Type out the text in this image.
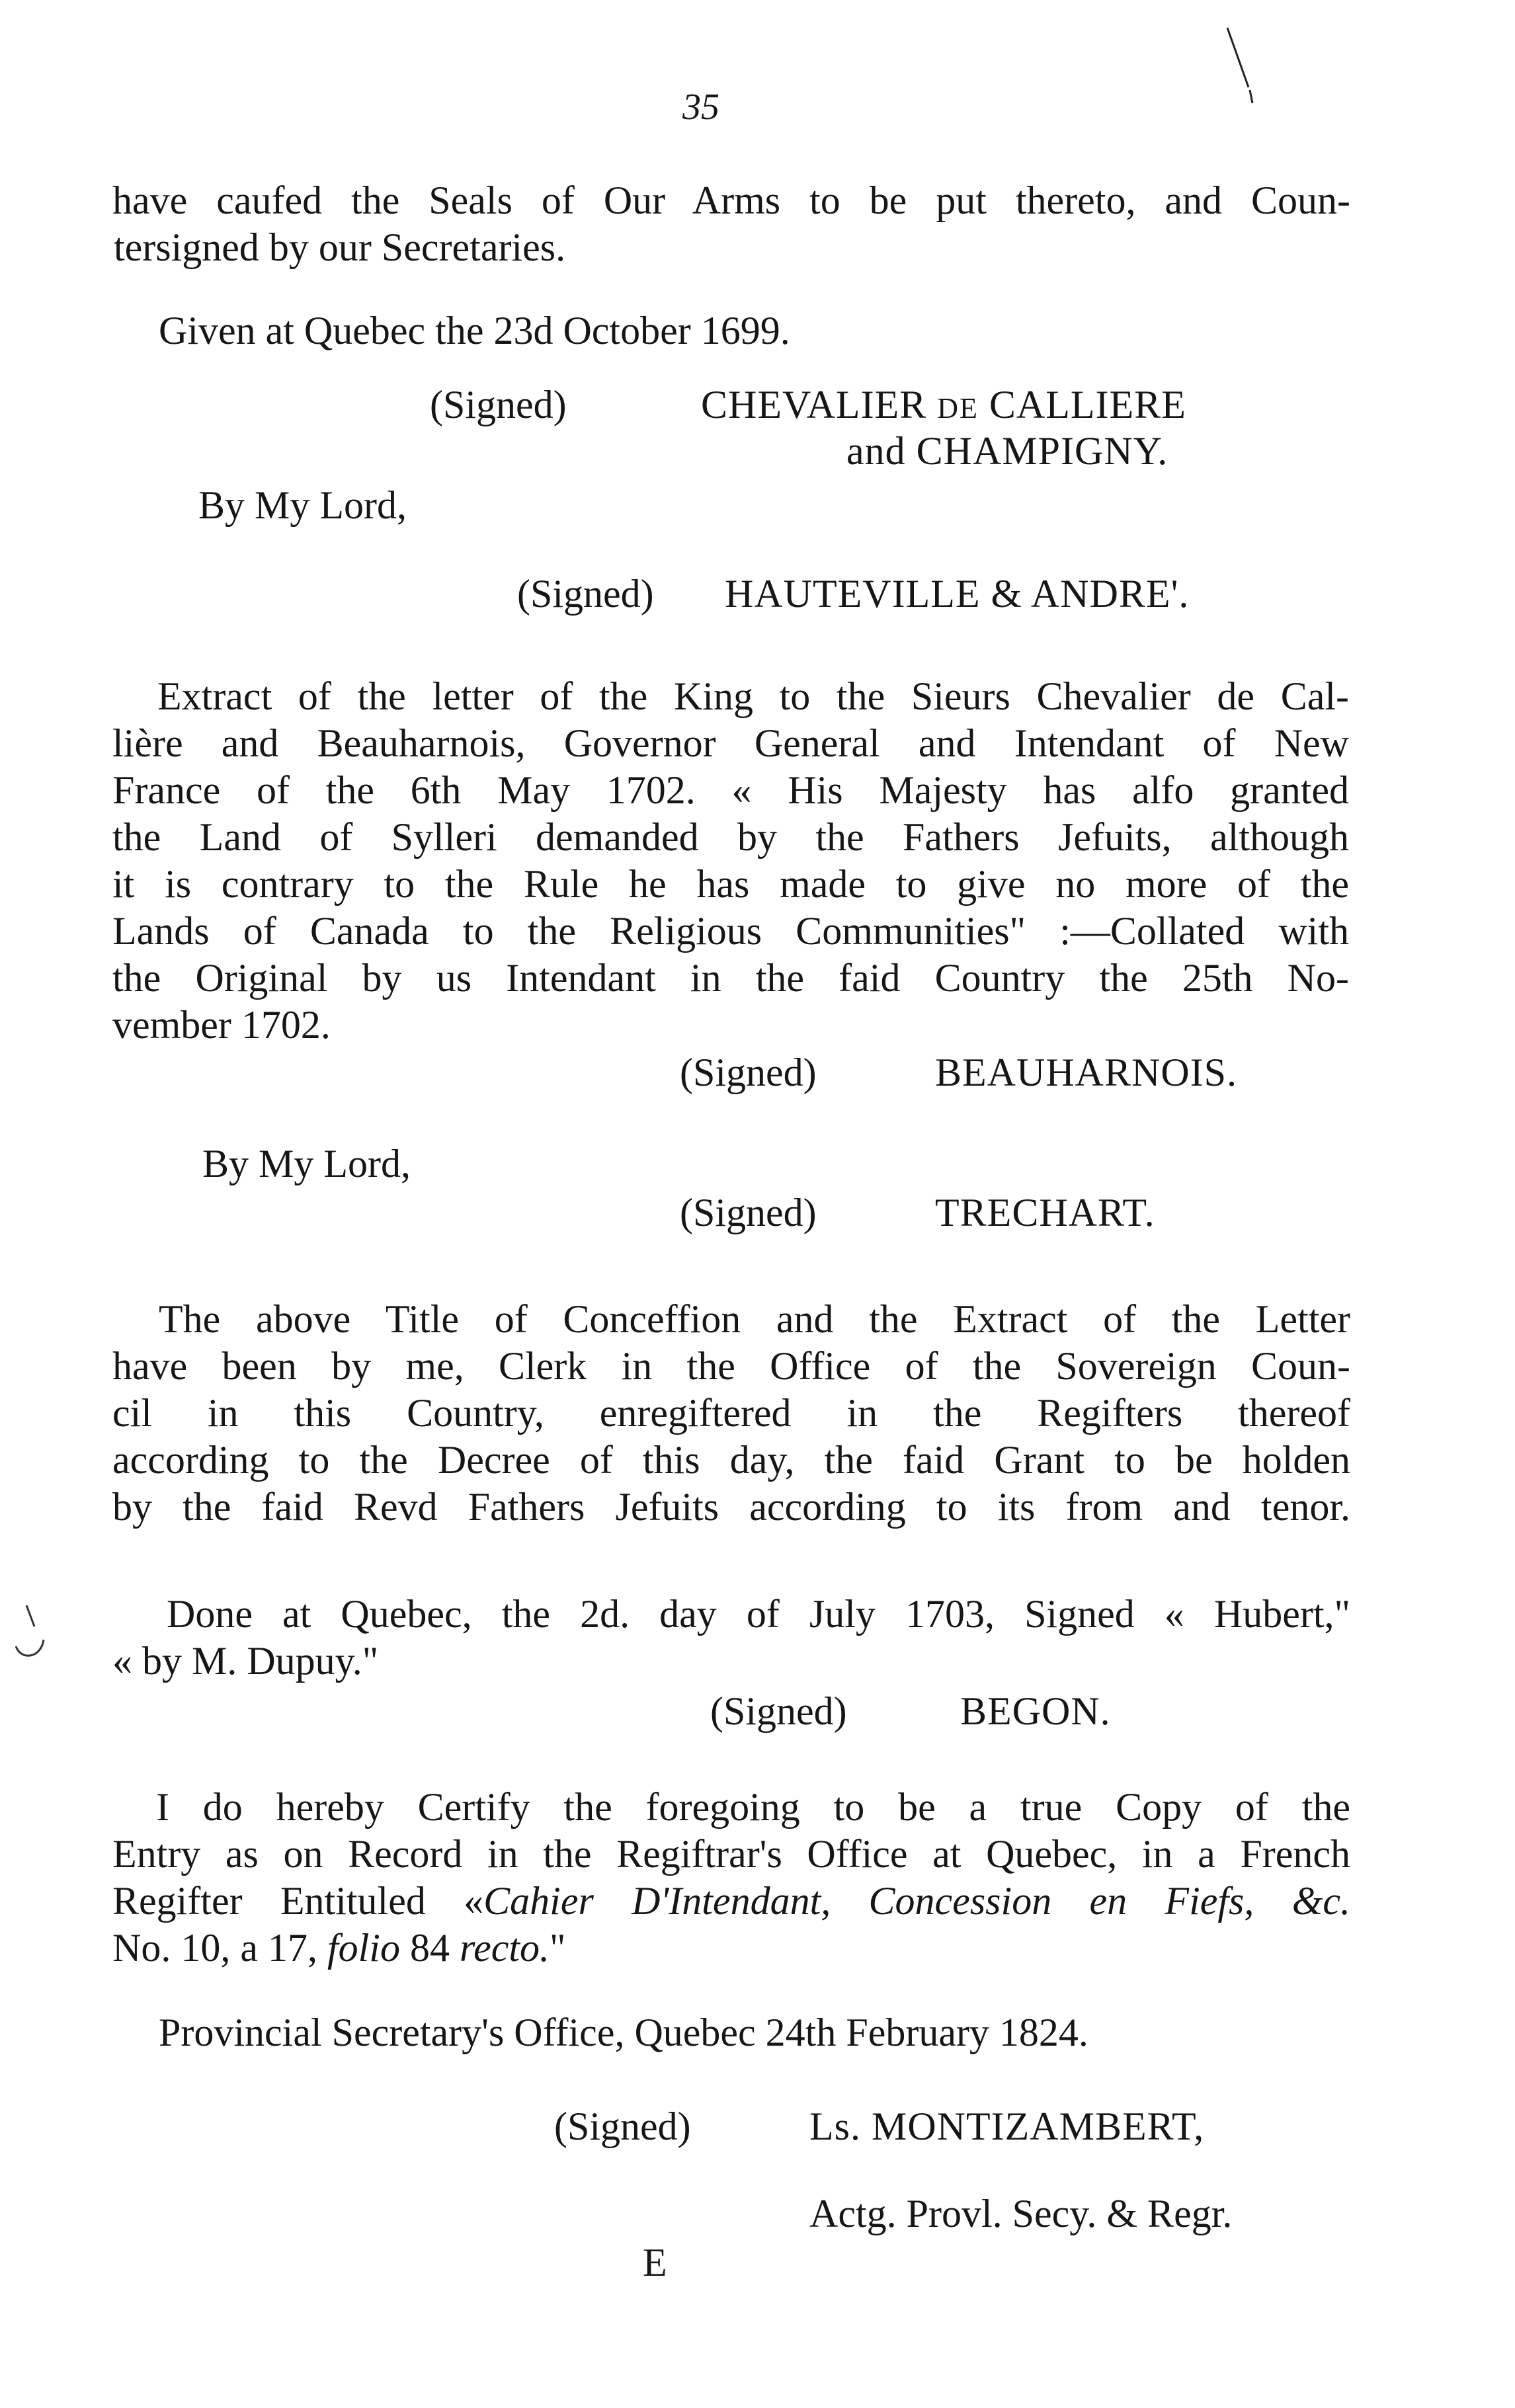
35
have caufed the Seals of Our Arms to be put thereto, and Coun-
tersigned by our Secretaries.
Given at Quebec the 23d October 1699.
(Signed)	CHEVALIER DE CALLIERE
and CHAMPIGNY.
By My Lord,
(Signed) HAUTEVILLE & ANDRE'.
Extract of the letter of the King to the Sieurs Chevalier de Cal-
lière and Beauharnois, Governor General and Intendant of New
France of the 6th May 1702. « His Majesty has alfo granted
the Land of Sylleri demanded by the Fathers Jefuits, although
it is contrary to the Rule he has made to give no more of the
Lands of Canada to the Religious Communities" :—Collated with
the Original by us Intendant in the faid Country the 25th No-
vember 1702.
(Signed)	BEAUHARNOIS.
By My Lord,
(Signed)	TRECHART.
The above Title of Conceffion and the Extract of the Letter
have been by me, Clerk in the Office of the Sovereign Coun-
cil in this Country, enregiftered in the Regifters thereof
according to the Decree of this day, the faid Grant to be holden
by the faid Revd Fathers Jefuits according to its from and tenor.
Done at Quebec, the 2d. day of July 1703, Signed « Hubert,"
« by M. Dupuy."
(Signed)	BEGON.
I do hereby Certify the foregoing to be a true Copy of the
Entry as on Record in the Regiftrar's Office at Quebec, in a French
Regifter Entituled «Cahier D'Intendant, Concession en Fiefs, &c.
No. 10, a 17, folio 84 recto."
Provincial Secretary's Office, Quebec 24th February 1824.
(Signed)	Ls. MONTIZAMBERT,
Actg. Provl. Secy. & Regr.
E
